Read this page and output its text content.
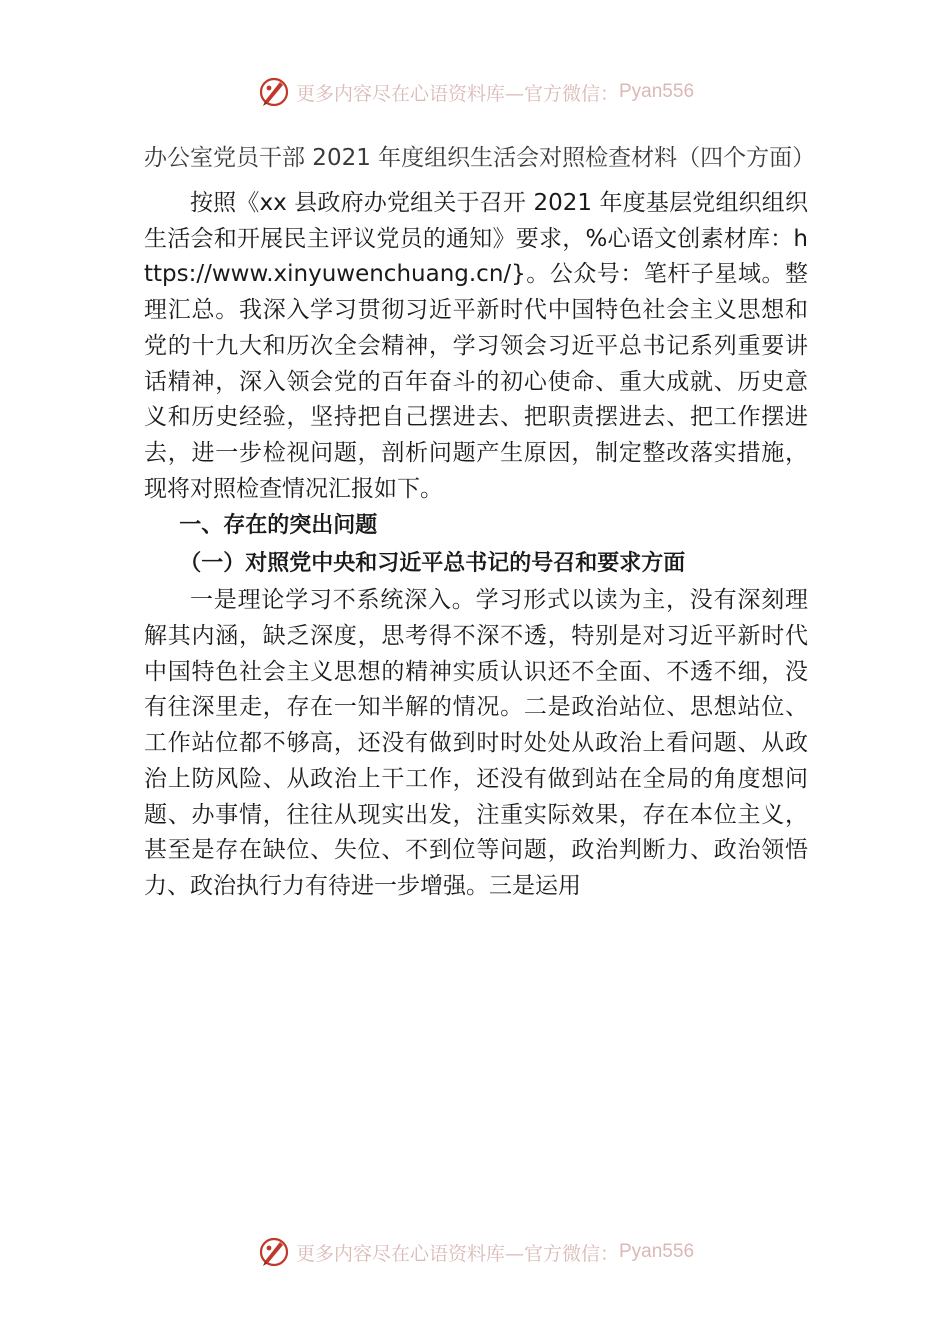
更多内容尽在心语资料库—官方微信： Pyan556
办公室党员干部 2021 年度组织生活会对照检查材料（四个方面）

按照《xx 县政府办党组关于召开 2021 年度基层党组织组织生活会和开展民主评议党员的通知》要求，%心语文创素材库：https://www.xinyuwenchuang.cn/}。公众号：笔杆子星域。整理汇总。我深入学习贯彻习近平新时代中国特色社会主义思想和党的十九大和历次全会精神，学习领会习近平总书记系列重要讲话精神，深入领会党的百年奋斗的初心使命、重大成就、历史意义和历史经验，坚持把自己摆进去、把职责摆进去、把工作摆进去，进一步检视问题，剖析问题产生原因，制定整改落实措施，现将对照检查情况汇报如下。

一、存在的突出问题

（一）对照党中央和习近平总书记的号召和要求方面

一是理论学习不系统深入。学习形式以读为主，没有深刻理解其内涵，缺乏深度，思考得不深不透，特别是对习近平新时代中国特色社会主义思想的精神实质认识还不全面、不透不细，没有往深里走，存在一知半解的情况。二是政治站位、思想站位、工作站位都不够高，还没有做到时时处处从政治上看问题、从政治上防风险、从政治上干工作，还没有做到站在全局的角度想问题、办事情，往往从现实出发，注重实际效果，存在本位主义，甚至是存在缺位、失位、不到位等问题，政治判断力、政治领悟力、政治执行力有待进一步增强。三是运用

更多内容尽在心语资料库—官方微信： Pyan556
